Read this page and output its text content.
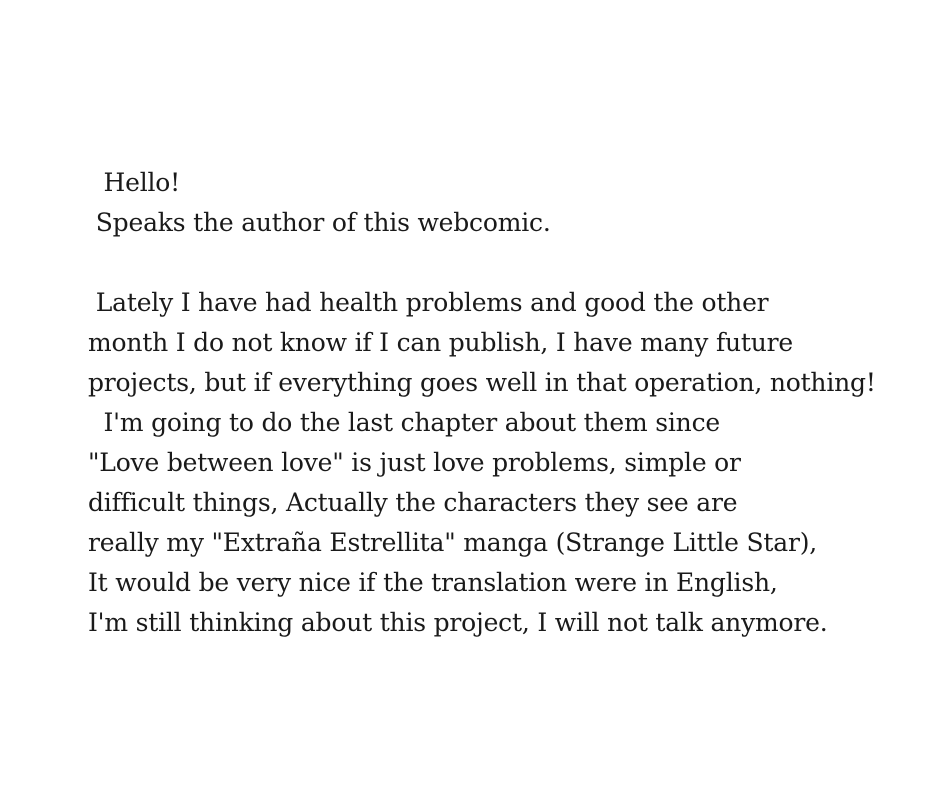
Hello!
Speaks the author of this webcomic.
Lately I have had health problems and good the other
month I do not know if I can publish, I have many future
projects, but if everything goes well in that operation, nothing!
I'm going to do the last chapter about them since
"Love between love" is just love problems, simple or
difficult things, Actually the characters they see are
really my "Extraña Estrellita" manga (Strange Little Star),
It would be very nice if the translation were in English,
I'm still thinking about this project, I will not talk anymore.
